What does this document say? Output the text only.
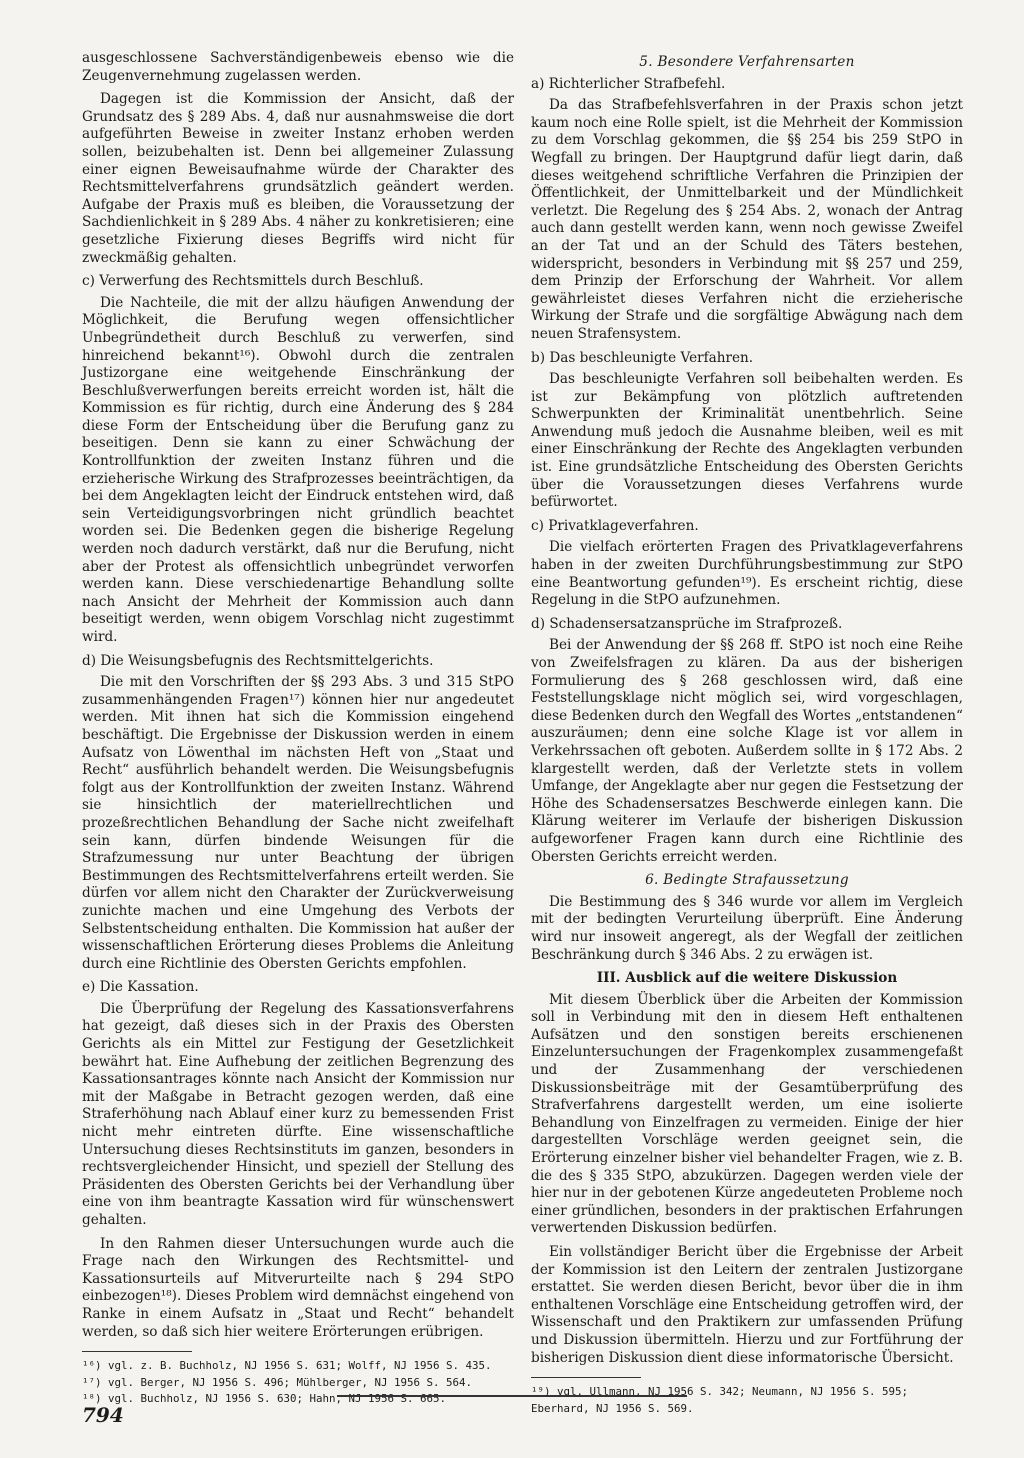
ausgeschlossene Sachverständigenbeweis ebenso wie die Zeugenvernehmung zugelassen werden.

Dagegen ist die Kommission der Ansicht, daß der Grundsatz des § 289 Abs. 4, daß nur ausnahmsweise die dort aufgeführten Beweise in zweiter Instanz erhoben werden sollen, beizubehalten ist. Denn bei allgemeiner Zulassung einer eignen Beweisaufnahme würde der Charakter des Rechtsmittelverfahrens grundsätzlich geändert werden. Aufgabe der Praxis muß es bleiben, die Voraussetzung der Sachdienlichkeit in § 289 Abs. 4 näher zu konkretisieren; eine gesetzliche Fixierung dieses Begriffs wird nicht für zweckmäßig gehalten.

c) Verwerfung des Rechtsmittels durch Beschluß.

Die Nachteile, die mit der allzu häufigen Anwendung der Möglichkeit, die Berufung wegen offensichtlicher Unbegründetheit durch Beschluß zu verwerfen, sind hinreichend bekannt¹⁶). Obwohl durch die zentralen Justizorgane eine weitgehende Einschränkung der Beschlußverwerfungen bereits erreicht worden ist, hält die Kommission es für richtig, durch eine Änderung des § 284 diese Form der Entscheidung über die Berufung ganz zu beseitigen. Denn sie kann zu einer Schwächung der Kontrollfunktion der zweiten Instanz führen und die erzieherische Wirkung des Strafprozesses beeinträchtigen, da bei dem Angeklagten leicht der Eindruck entstehen wird, daß sein Verteidigungsvorbringen nicht gründlich beachtet worden sei. Die Bedenken gegen die bisherige Regelung werden noch dadurch verstärkt, daß nur die Berufung, nicht aber der Protest als offensichtlich unbegründet verworfen werden kann. Diese verschiedenartige Behandlung sollte nach Ansicht der Mehrheit der Kommission auch dann beseitigt werden, wenn obigem Vorschlag nicht zugestimmt wird.

d) Die Weisungsbefugnis des Rechtsmittelgerichts.

Die mit den Vorschriften der §§ 293 Abs. 3 und 315 StPO zusammenhängenden Fragen¹⁷) können hier nur angedeutet werden. Mit ihnen hat sich die Kommission eingehend beschäftigt. Die Ergebnisse der Diskussion werden in einem Aufsatz von Löwenthal im nächsten Heft von „Staat und Recht“ ausführlich behandelt werden. Die Weisungsbefugnis folgt aus der Kontrollfunktion der zweiten Instanz. Während sie hinsichtlich der materiellrechtlichen und prozeßrechtlichen Behandlung der Sache nicht zweifelhaft sein kann, dürfen bindende Weisungen für die Strafzumessung nur unter Beachtung der übrigen Bestimmungen des Rechtsmittelverfahrens erteilt werden. Sie dürfen vor allem nicht den Charakter der Zurückverweisung zunichte machen und eine Umgehung des Verbots der Selbstentscheidung enthalten. Die Kommission hat außer der wissenschaftlichen Erörterung dieses Problems die Anleitung durch eine Richtlinie des Obersten Gerichts empfohlen.

e) Die Kassation.

Die Überprüfung der Regelung des Kassationsverfahrens hat gezeigt, daß dieses sich in der Praxis des Obersten Gerichts als ein Mittel zur Festigung der Gesetzlichkeit bewährt hat. Eine Aufhebung der zeitlichen Begrenzung des Kassationsantrages könnte nach Ansicht der Kommission nur mit der Maßgabe in Betracht gezogen werden, daß eine Straferhöhung nach Ablauf einer kurz zu bemessenden Frist nicht mehr eintreten dürfte. Eine wissenschaftliche Untersuchung dieses Rechtsinstituts im ganzen, besonders in rechtsvergleichender Hinsicht, und speziell der Stellung des Präsidenten des Obersten Gerichts bei der Verhandlung über eine von ihm beantragte Kassation wird für wünschenswert gehalten.

In den Rahmen dieser Untersuchungen wurde auch die Frage nach den Wirkungen des Rechtsmittel- und Kassationsurteils auf Mitverurteilte nach § 294 StPO einbezogen¹⁸). Dieses Problem wird demnächst eingehend von Ranke in einem Aufsatz in „Staat und Recht“ behandelt werden, so daß sich hier weitere Erörterungen erübrigen.

¹⁶) vgl. z. B. Buchholz, NJ 1956 S. 631; Wolff, NJ 1956 S. 435.
¹⁷) vgl. Berger, NJ 1956 S. 496; Mühlberger, NJ 1956 S. 564.
¹⁸) vgl. Buchholz, NJ 1956 S. 630; Hahn, NJ 1956 S. 665.
5. Besondere Verfahrensarten
a) Richterlicher Strafbefehl.

Da das Strafbefehlsverfahren in der Praxis schon jetzt kaum noch eine Rolle spielt, ist die Mehrheit der Kommission zu dem Vorschlag gekommen, die §§ 254 bis 259 StPO in Wegfall zu bringen. Der Hauptgrund dafür liegt darin, daß dieses weitgehend schriftliche Verfahren die Prinzipien der Öffentlichkeit, der Unmittelbarkeit und der Mündlichkeit verletzt. Die Regelung des § 254 Abs. 2, wonach der Antrag auch dann gestellt werden kann, wenn noch gewisse Zweifel an der Tat und an der Schuld des Täters bestehen, widerspricht, besonders in Verbindung mit §§ 257 und 259, dem Prinzip der Erforschung der Wahrheit. Vor allem gewährleistet dieses Verfahren nicht die erzieherische Wirkung der Strafe und die sorgfältige Abwägung nach dem neuen Strafensystem.

b) Das beschleunigte Verfahren.

Das beschleunigte Verfahren soll beibehalten werden. Es ist zur Bekämpfung von plötzlich auftretenden Schwerpunkten der Kriminalität unentbehrlich. Seine Anwendung muß jedoch die Ausnahme bleiben, weil es mit einer Einschränkung der Rechte des Angeklagten verbunden ist. Eine grundsätzliche Entscheidung des Obersten Gerichts über die Voraussetzungen dieses Verfahrens wurde befürwortet.

c) Privatklageverfahren.

Die vielfach erörterten Fragen des Privatklageverfahrens haben in der zweiten Durchführungsbestimmung zur StPO eine Beantwortung gefunden¹⁹). Es erscheint richtig, diese Regelung in die StPO aufzunehmen.

d) Schadensersatzansprüche im Strafprozeß.

Bei der Anwendung der §§ 268 ff. StPO ist noch eine Reihe von Zweifelsfragen zu klären. Da aus der bisherigen Formulierung des § 268 geschlossen wird, daß eine Feststellungsklage nicht möglich sei, wird vorgeschlagen, diese Bedenken durch den Wegfall des Wortes „entstandenen“ auszuräumen; denn eine solche Klage ist vor allem in Verkehrssachen oft geboten. Außerdem sollte in § 172 Abs. 2 klargestellt werden, daß der Verletzte stets in vollem Umfange, der Angeklagte aber nur gegen die Festsetzung der Höhe des Schadensersatzes Beschwerde einlegen kann. Die Klärung weiterer im Verlaufe der bisherigen Diskussion aufgeworfener Fragen kann durch eine Richtlinie des Obersten Gerichts erreicht werden.

6. Bedingte Strafaussetzung

Die Bestimmung des § 346 wurde vor allem im Vergleich mit der bedingten Verurteilung überprüft. Eine Änderung wird nur insoweit angeregt, als der Wegfall der zeitlichen Beschränkung durch § 346 Abs. 2 zu erwägen ist.

III. Ausblick auf die weitere Diskussion

Mit diesem Überblick über die Arbeiten der Kommission soll in Verbindung mit den in diesem Heft enthaltenen Aufsätzen und den sonstigen bereits erschienenen Einzeluntersuchungen der Fragenkomplex zusammengefaßt und der Zusammenhang der verschiedenen Diskussionsbeiträge mit der Gesamtüberprüfung des Strafverfahrens dargestellt werden, um eine isolierte Behandlung von Einzelfragen zu vermeiden. Einige der hier dargestellten Vorschläge werden geeignet sein, die Erörterung einzelner bisher viel behandelter Fragen, wie z. B. die des § 335 StPO, abzukürzen. Dagegen werden viele der hier nur in der gebotenen Kürze angedeuteten Probleme noch einer gründlichen, besonders in der praktischen Erfahrungen verwertenden Diskussion bedürfen.

Ein vollständiger Bericht über die Ergebnisse der Arbeit der Kommission ist den Leitern der zentralen Justizorgane erstattet. Sie werden diesen Bericht, bevor über die in ihm enthaltenen Vorschläge eine Entscheidung getroffen wird, der Wissenschaft und den Praktikern zur umfassenden Prüfung und Diskussion übermitteln. Hierzu und zur Fortführung der bisherigen Diskussion dient diese informatorische Übersicht.

¹⁹) vgl. Ullmann, NJ 1956 S. 342; Neumann, NJ 1956 S. 595; Eberhard, NJ 1956 S. 569.
794
